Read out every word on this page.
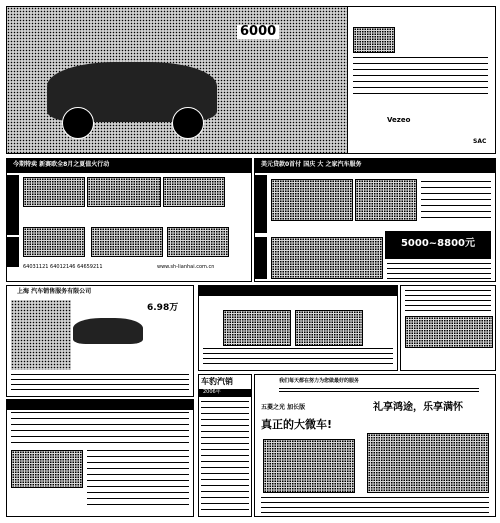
6000
Vezeo
SAC
今期特卖 新赛欧全8月之夏值火行动
64031121 64012146 64659211	www.sh-lianhai.com.cn
美元贷款0首付 国庆 大 之家汽车服务
5000~8800元
上海 汽车销售服务有限公司
6.98万
车豹汽销
2006年
我们每天都在努力为您做最好的服务
五菱之光 加长版	礼享鸿途，乐享满怀
真正的大微车!
